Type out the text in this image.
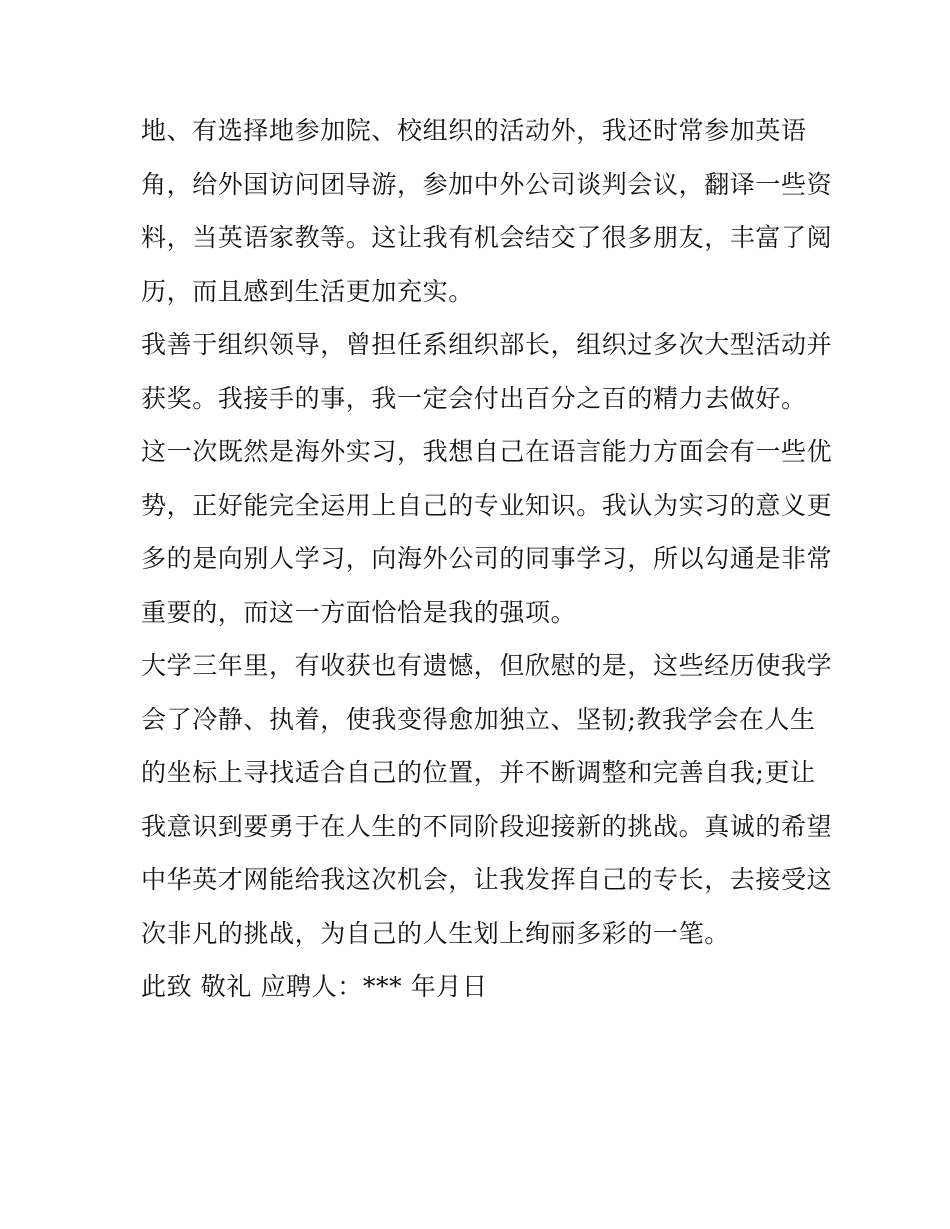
地、有选择地参加院、校组织的活动外，我还时常参加英语
角，给外国访问团导游，参加中外公司谈判会议，翻译一些资
料，当英语家教等。这让我有机会结交了很多朋友，丰富了阅
历，而且感到生活更加充实。
我善于组织领导，曾担任系组织部长，组织过多次大型活动并
获奖。我接手的事，我一定会付出百分之百的精力去做好。
这一次既然是海外实习，我想自己在语言能力方面会有一些优
势，正好能完全运用上自己的专业知识。我认为实习的意义更
多的是向别人学习，向海外公司的同事学习，所以勾通是非常
重要的，而这一方面恰恰是我的强项。
大学三年里，有收获也有遗憾，但欣慰的是，这些经历使我学
会了冷静、执着，使我变得愈加独立、坚韧;教我学会在人生
的坐标上寻找适合自己的位置，并不断调整和完善自我;更让
我意识到要勇于在人生的不同阶段迎接新的挑战。真诚的希望
中华英才网能给我这次机会，让我发挥自己的专长，去接受这
次非凡的挑战，为自己的人生划上绚丽多彩的一笔。
此致 敬礼 应聘人：*** 年月日
